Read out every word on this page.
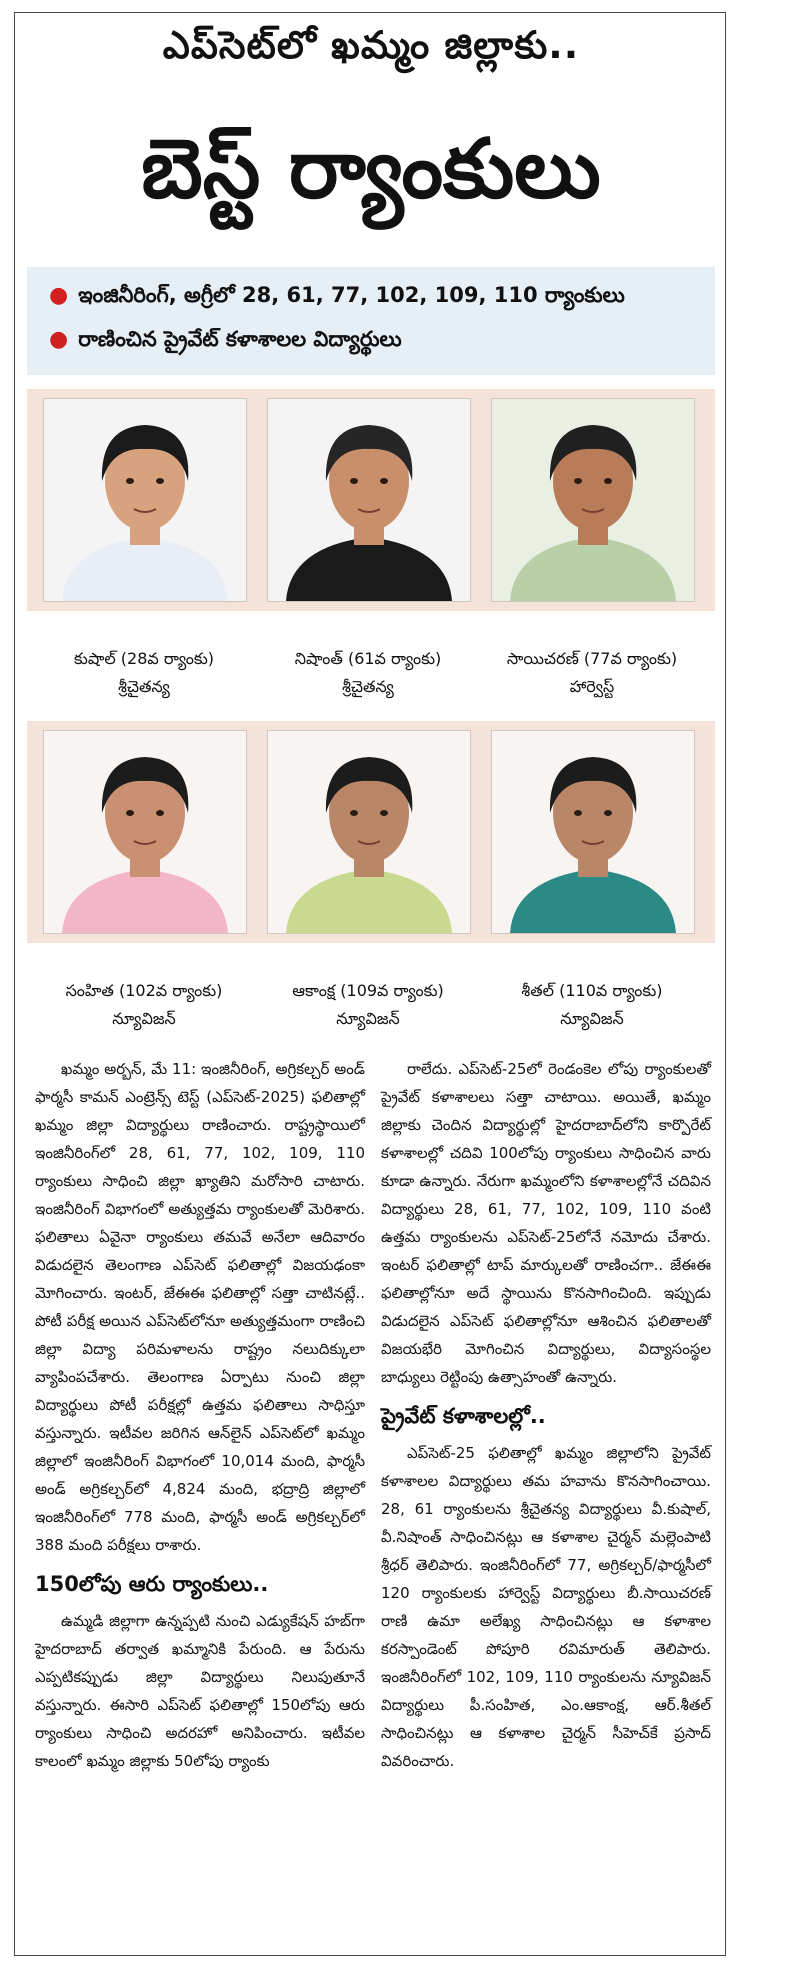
ఎప్‌సెట్‌లో ఖమ్మం జిల్లాకు..
బెస్ట్ ర్యాంకులు
● ఇంజినీరింగ్, అగ్రీలో 28, 61, 77, 102, 109, 110 ర్యాంకులు
● రాణించిన ప్రైవేట్ కళాశాలల విద్యార్థులు
కుషాల్ (28వ ర్యాంకు)
శ్రీచైతన్య
నిషాంత్ (61వ ర్యాంకు)
శ్రీచైతన్య
సాయిచరణ్ (77వ ర్యాంకు)
హార్వెస్ట్
సంహిత (102వ ర్యాంకు)
న్యూవిజన్
ఆకాంక్ష (109వ ర్యాంకు)
న్యూవిజన్
శీతల్ (110వ ర్యాంకు)
న్యూవిజన్

ఖమ్మం అర్బన్, మే 11: ఇంజినీరింగ్, అగ్రికల్చర్ అండ్ ఫార్మసీ కామన్ ఎంట్రెన్స్ టెస్ట్ (ఎప్‌సెట్-2025) ఫలితాల్లో ఖమ్మం జిల్లా విద్యార్థులు రాణించారు. రాష్ట్రస్థాయిలో ఇంజినీరింగ్‌లో 28, 61, 77, 102, 109, 110 ర్యాంకులు సాధించి జిల్లా ఖ్యాతిని మరోసారి చాటారు. ఇంజినీరింగ్ విభాగంలో అత్యుత్తమ ర్యాంకులతో మెరిశారు. ఫలితాలు ఏవైనా ర్యాంకులు తమవే అనేలా ఆదివారం విడుదలైన తెలంగాణ ఎప్‌సెట్ ఫలితాల్లో విజయఢంకా మోగించారు. ఇంటర్, జేఈఈ ఫలితాల్లో సత్తా చాటినట్లే.. పోటీ పరీక్ష అయిన ఎప్‌సెట్‌లోనూ అత్యుత్తమంగా రాణించి జిల్లా విద్యా పరిమళాలను రాష్ట్రం నలుదిక్కులా వ్యాపింపచేశారు. తెలంగాణ ఏర్పాటు నుంచి జిల్లా విద్యార్థులు పోటీ పరీక్షల్లో ఉత్తమ ఫలితాలు సాధిస్తూ వస్తున్నారు. ఇటీవల జరిగిన ఆన్‌లైన్ ఎప్‌సెట్‌లో ఖమ్మం జిల్లాలో ఇంజినీరింగ్ విభాగంలో 10,014 మంది, ఫార్మసీ అండ్ అగ్రికల్చర్‌లో 4,824 మంది, భద్రాద్రి జిల్లాలో ఇంజినీరింగ్‌లో 778 మంది, ఫార్మసీ అండ్ అగ్రికల్చర్‌లో 388 మంది పరీక్షలు రాశారు.

150లోపు ఆరు ర్యాంకులు..

ఉమ్మడి జిల్లాగా ఉన్నప్పటి నుంచి ఎడ్యుకేషన్ హబ్‌గా హైదరాబాద్ తర్వాత ఖమ్మానికి పేరుంది. ఆ పేరును ఎప్పటికప్పుడు జిల్లా విద్యార్థులు నిలుపుతూనే వస్తున్నారు. ఈసారి ఎప్‌సెట్ ఫలితాల్లో 150లోపు ఆరు ర్యాంకులు సాధించి అదరహో అనిపించారు. ఇటీవల కాలంలో ఖమ్మం జిల్లాకు 50లోపు ర్యాంకు

రాలేదు. ఎప్‌సెట్-25లో రెండంకెల లోపు ర్యాంకులతో ప్రైవేట్ కళాశాలలు సత్తా చాటాయి. అయితే, ఖమ్మం జిల్లాకు చెందిన విద్యార్థుల్లో హైదరాబాద్‌లోని కార్పొరేట్ కళాశాలల్లో చదివి 100లోపు ర్యాంకులు సాధించిన వారు కూడా ఉన్నారు. నేరుగా ఖమ్మంలోని కళాశాలల్లోనే చదివిన విద్యార్థులు 28, 61, 77, 102, 109, 110 వంటి ఉత్తమ ర్యాంకులను ఎప్‌సెట్-25లోనే నమోదు చేశారు. ఇంటర్ ఫలితాల్లో టాప్ మార్కులతో రాణించగా.. జేఈఈ ఫలితాల్లోనూ అదే స్థాయిను కొనసాగించింది. ఇప్పుడు విడుదలైన ఎప్‌సెట్ ఫలితాల్లోనూ ఆశించిన ఫలితాలతో విజయభేరి మోగించిన విద్యార్థులు, విద్యాసంస్థల బాధ్యులు రెట్టింపు ఉత్సాహంతో ఉన్నారు.

ప్రైవేట్ కళాశాలల్లో..

ఎప్‌సెట్-25 ఫలితాల్లో ఖమ్మం జిల్లాలోని ప్రైవేట్ కళాశాలల విద్యార్థులు తమ హవాను కొనసాగించాయి. 28, 61 ర్యాంకులను శ్రీచైతన్య విద్యార్థులు వీ.కుషాల్, వీ.నిషాంత్ సాధించినట్లు ఆ కళాశాల చైర్మన్ మల్లెంపాటి శ్రీధర్ తెలిపారు. ఇంజినీరింగ్‌లో 77, అగ్రికల్చర్/ఫార్మసీలో 120 ర్యాంకులకు హార్వెస్ట్ విద్యార్థులు బీ.సాయిచరణ్ రాణి ఉమా అలేఖ్య సాధించినట్లు ఆ కళాశాల కరస్పాండెంట్ పోపూరి రవిమారుత్ తెలిపారు. ఇంజినీరింగ్‌లో 102, 109, 110 ర్యాంకులను న్యూవిజన్ విద్యార్థులు పీ.సంహిత, ఎం.ఆకాంక్ష, ఆర్.శీతల్ సాధించినట్లు ఆ కళాశాల చైర్మన్ సీహెచ్‌కే ప్రసాద్ వివరించారు.
